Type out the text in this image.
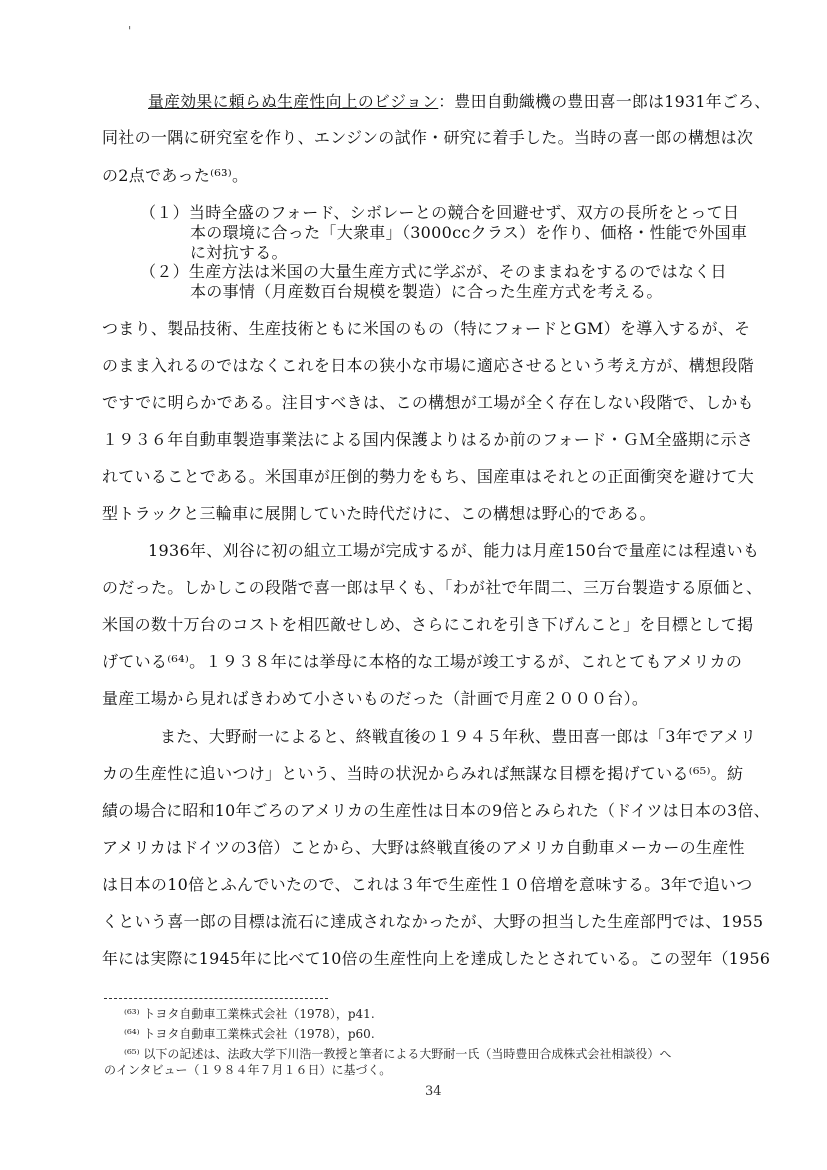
'
量産効果に頼らぬ生産性向上のビジョン：豊田自動織機の豊田喜一郎は1931年ごろ、
同社の一隅に研究室を作り、エンジンの試作・研究に着手した。当時の喜一郎の構想は次
の2点であった⁽⁶³⁾。
（１）当時全盛のフォード、シボレーとの競合を回避せず、双方の長所をとって日
本の環境に合った「大衆車」（3000ccクラス）を作り、価格・性能で外国車
に対抗する。
（２）生産方法は米国の大量生産方式に学ぶが、そのままねをするのではなく日
本の事情（月産数百台規模を製造）に合った生産方式を考える。
つまり、製品技術、生産技術ともに米国のもの（特にフォードとGM）を導入するが、そ
のまま入れるのではなくこれを日本の狭小な市場に適応させるという考え方が、構想段階
ですでに明らかである。注目すべきは、この構想が工場が全く存在しない段階で、しかも
１９３６年自動車製造事業法による国内保護よりはるか前のフォード・ＧＭ全盛期に示さ
れていることである。米国車が圧倒的勢力をもち、国産車はそれとの正面衝突を避けて大
型トラックと三輪車に展開していた時代だけに、この構想は野心的である。
1936年、刈谷に初の組立工場が完成するが、能力は月産150台で量産には程遠いも
のだった。しかしこの段階で喜一郎は早くも、「わが社で年間二、三万台製造する原価と、
米国の数十万台のコストを相匹敵せしめ、さらにこれを引き下げんこと」を目標として掲
げている⁽⁶⁴⁾。１９３８年には挙母に本格的な工場が竣工するが、これとてもアメリカの
量産工場から見ればきわめて小さいものだった（計画で月産２０００台）。
また、大野耐一によると、終戦直後の１９４５年秋、豊田喜一郎は「3年でアメリ
カの生産性に追いつけ」という、当時の状況からみれば無謀な目標を掲げている⁽⁶⁵⁾。紡
績の場合に昭和10年ごろのアメリカの生産性は日本の9倍とみられた（ドイツは日本の3倍、
アメリカはドイツの3倍）ことから、大野は終戦直後のアメリカ自動車メーカーの生産性
は日本の10倍とふんでいたので、これは３年で生産性１０倍増を意味する。3年で追いつ
くという喜一郎の目標は流石に達成されなかったが、大野の担当した生産部門では、1955
年には実際に1945年に比べて10倍の生産性向上を達成したとされている。この翌年（1956
⁽⁶³⁾ トヨタ自動車工業株式会社（1978），p41.
⁽⁶⁴⁾ トヨタ自動車工業株式会社（1978），p60.
⁽⁶⁵⁾ 以下の記述は、法政大学下川浩一教授と筆者による大野耐一氏（当時豊田合成株式会社相談役）へ
のインタビュー（１９８４年７月１６日）に基づく。
34
